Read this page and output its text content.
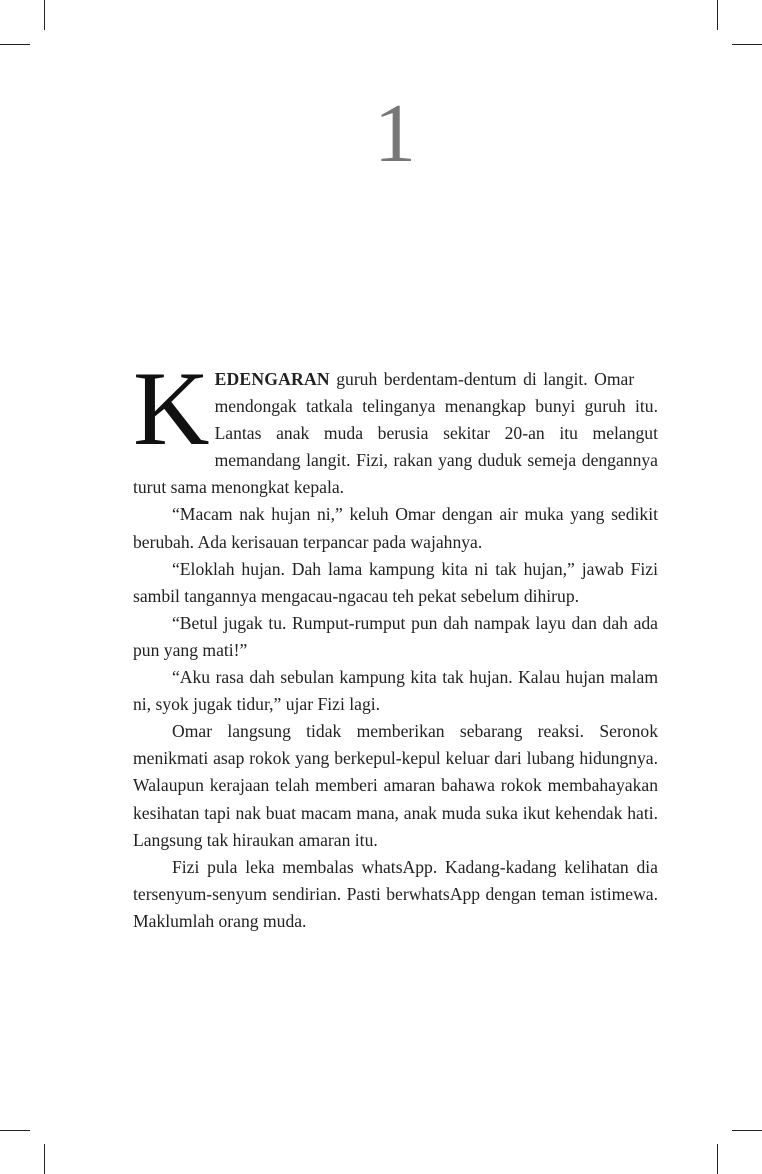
1

KEDENGARAN guruh berdentam-dentum di langit. Omar     mendongak tatkala telinganya menangkap bunyi guruh itu. Lantas anak muda berusia sekitar 20-an itu melangut memandang langit. Fizi, rakan yang duduk semeja dengannya turut sama menongkat kepala.

“Macam nak hujan ni,” keluh Omar dengan air muka yang sedikit berubah. Ada kerisauan terpancar pada wajahnya.

“Eloklah hujan. Dah lama kampung kita ni tak hujan,” jawab Fizi sambil tangannya mengacau-ngacau teh pekat sebelum dihirup.

“Betul jugak tu. Rumput-rumput pun dah nampak layu dan dah ada pun yang mati!”

“Aku rasa dah sebulan kampung kita tak hujan. Kalau hujan malam ni, syok jugak tidur,” ujar Fizi lagi.

Omar langsung tidak memberikan sebarang reaksi. Seronok menikmati asap rokok yang berkepul-kepul keluar dari lubang hidungnya. Walaupun kerajaan telah memberi amaran bahawa rokok membahayakan kesihatan tapi nak buat macam mana, anak muda suka ikut kehendak hati. Langsung tak hiraukan amaran itu.

Fizi pula leka membalas whatsApp. Kadang-kadang kelihatan dia tersenyum-senyum sendirian. Pasti berwhatsApp dengan teman istimewa. Maklumlah orang muda.
